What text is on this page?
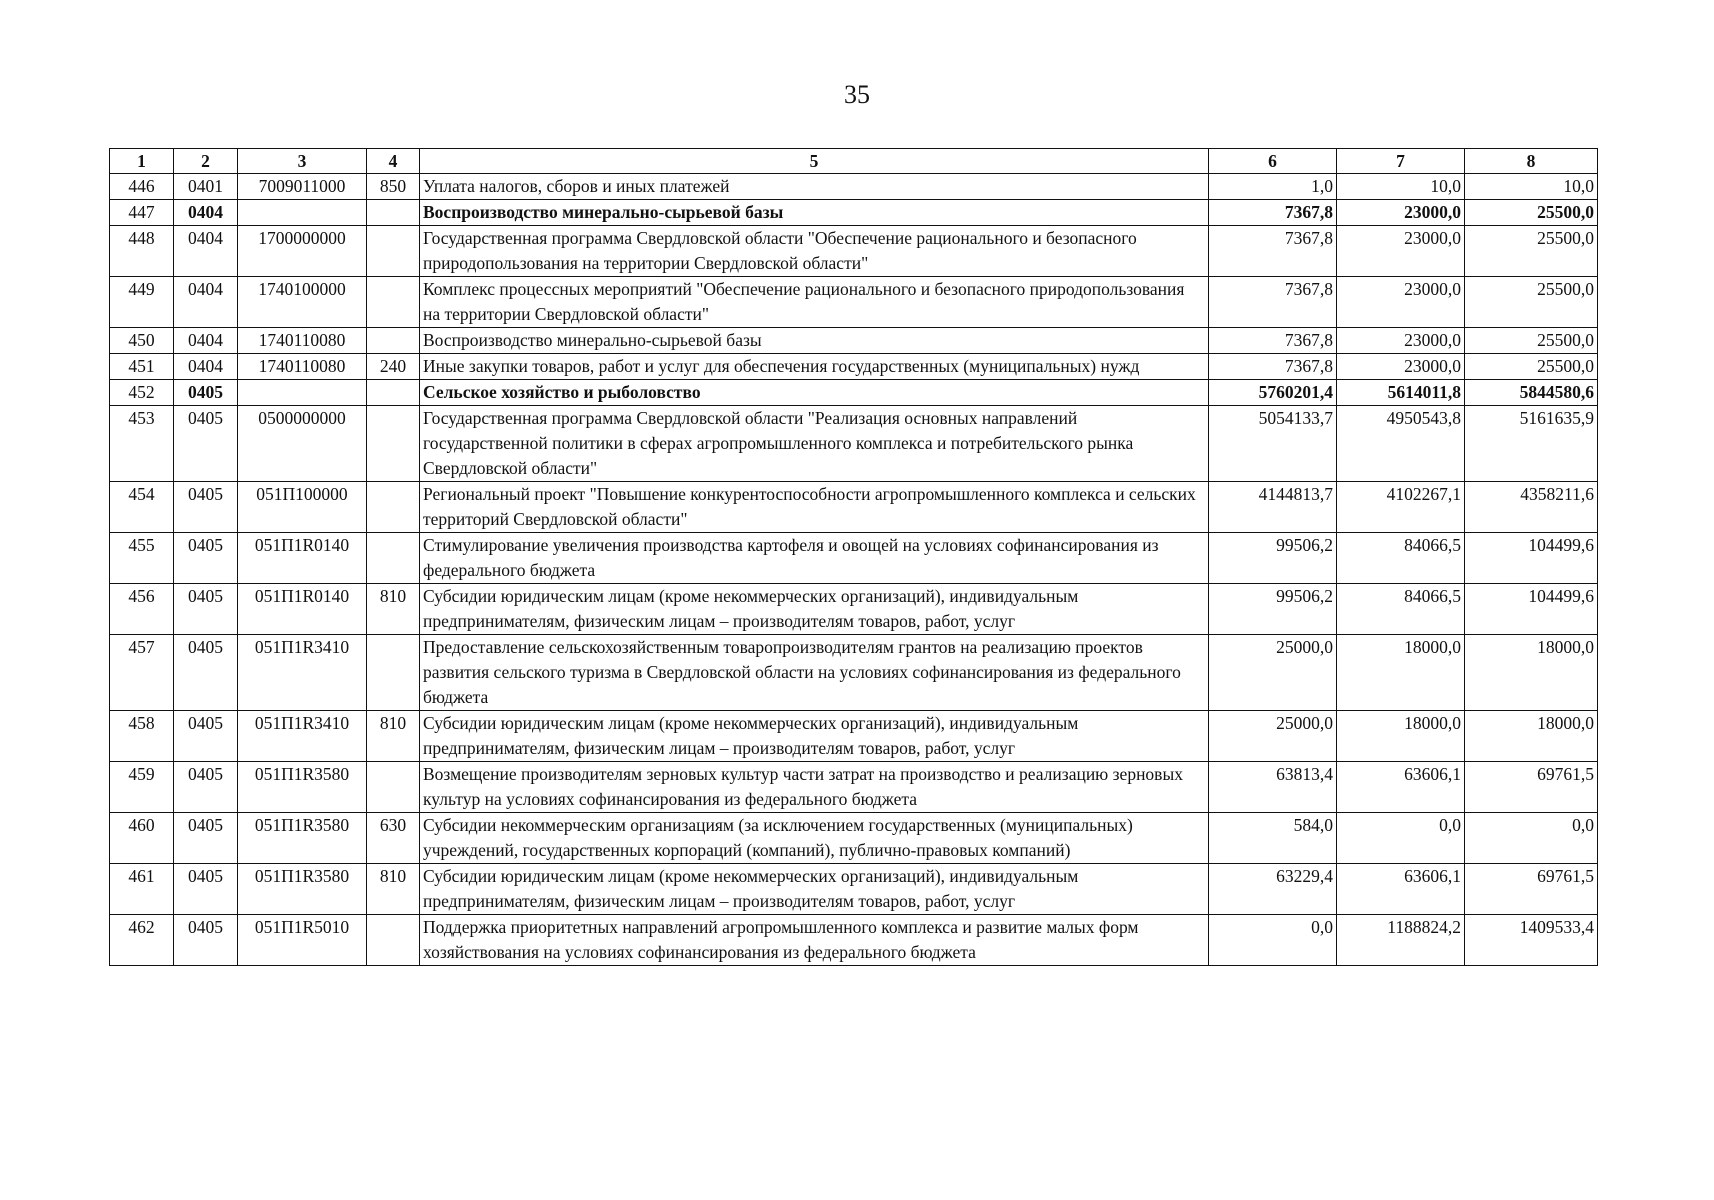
35
1	2	3	4	5	6	7	8
446	0401	7009011000	850	Уплата налогов, сборов и иных платежей	1,0	10,0	10,0
447	0404			Воспроизводство минерально-сырьевой базы	7367,8	23000,0	25500,0
448	0404	1700000000		Государственная программа Свердловской области "Обеспечение рационального и безопасного природопользования на территории Свердловской области"	7367,8	23000,0	25500,0
449	0404	1740100000		Комплекс процессных мероприятий "Обеспечение рационального и безопасного природопользования на территории Свердловской области"	7367,8	23000,0	25500,0
450	0404	1740110080		Воспроизводство минерально-сырьевой базы	7367,8	23000,0	25500,0
451	0404	1740110080	240	Иные закупки товаров, работ и услуг для обеспечения государственных (муниципальных) нужд	7367,8	23000,0	25500,0
452	0405			Сельское хозяйство и рыболовство	5760201,4	5614011,8	5844580,6
453	0405	0500000000		Государственная программа Свердловской области "Реализация основных направлений государственной политики в сферах агропромышленного комплекса и потребительского рынка Свердловской области"	5054133,7	4950543,8	5161635,9
454	0405	051П100000		Региональный проект "Повышение конкурентоспособности агропромышленного комплекса и сельских территорий Свердловской области"	4144813,7	4102267,1	4358211,6
455	0405	051П1R0140		Стимулирование увеличения производства картофеля и овощей на условиях софинансирования из федерального бюджета	99506,2	84066,5	104499,6
456	0405	051П1R0140	810	Субсидии юридическим лицам (кроме некоммерческих организаций), индивидуальным предпринимателям, физическим лицам – производителям товаров, работ, услуг	99506,2	84066,5	104499,6
457	0405	051П1R3410		Предоставление сельскохозяйственным товаропроизводителям грантов на реализацию проектов развития сельского туризма в Свердловской области на условиях софинансирования из федерального бюджета	25000,0	18000,0	18000,0
458	0405	051П1R3410	810	Субсидии юридическим лицам (кроме некоммерческих организаций), индивидуальным предпринимателям, физическим лицам – производителям товаров, работ, услуг	25000,0	18000,0	18000,0
459	0405	051П1R3580		Возмещение производителям зерновых культур части затрат на производство и реализацию зерновых культур на условиях софинансирования из федерального бюджета	63813,4	63606,1	69761,5
460	0405	051П1R3580	630	Субсидии некоммерческим организациям (за исключением государственных (муниципальных) учреждений, государственных корпораций (компаний), публично-правовых компаний)	584,0	0,0	0,0
461	0405	051П1R3580	810	Субсидии юридическим лицам (кроме некоммерческих организаций), индивидуальным предпринимателям, физическим лицам – производителям товаров, работ, услуг	63229,4	63606,1	69761,5
462	0405	051П1R5010		Поддержка приоритетных направлений агропромышленного комплекса и развитие малых форм хозяйствования на условиях софинансирования из федерального бюджета	0,0	1188824,2	1409533,4
